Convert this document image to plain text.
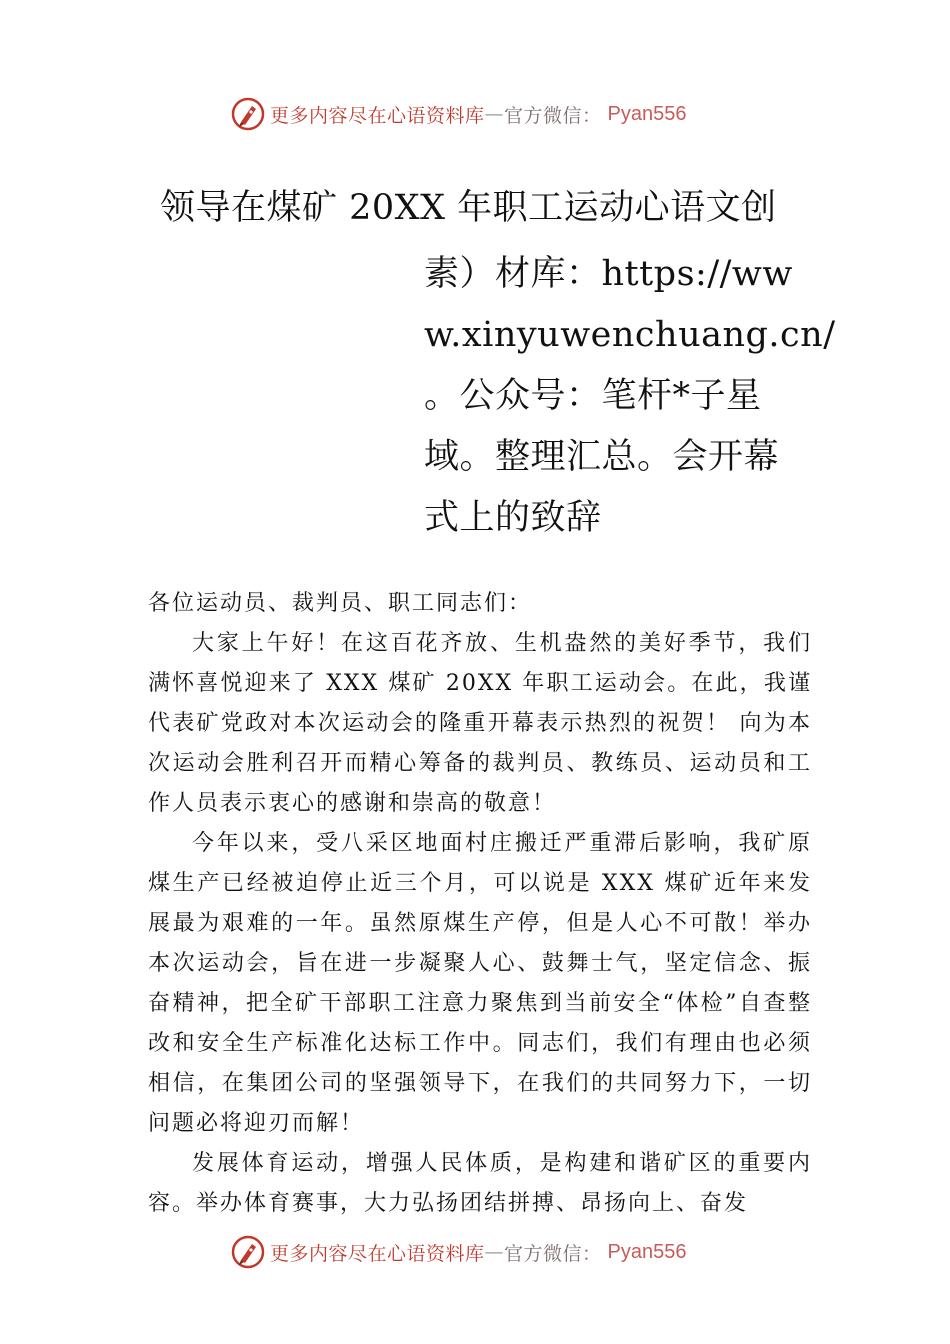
更多内容尽在心语资料库 — 官方微信： Pyan556
领导在煤矿 20XX 年职工运动心语文创
素）材库：https://ww
w.xinyuwenchuang.cn/
。公众号：笔杆*子星
域。整理汇总。会开幕
式上的致辞

各位运动员、裁判员、职工同志们：

大家上午好！在这百花齐放、生机盎然的美好季节，我们满怀喜悦迎来了 XXX 煤矿 20XX 年职工运动会。在此，我谨代表矿党政对本次运动会的隆重开幕表示热烈的祝贺！ 向为本次运动会胜利召开而精心筹备的裁判员、教练员、运动员和工作人员表示衷心的感谢和崇高的敬意！

今年以来，受八采区地面村庄搬迁严重滞后影响，我矿原煤生产已经被迫停止近三个月，可以说是 XXX 煤矿近年来发展最为艰难的一年。虽然原煤生产停，但是人心不可散！举办本次运动会，旨在进一步凝聚人心、鼓舞士气，坚定信念、振奋精神，把全矿干部职工注意力聚焦到当前安全“体检”自查整改和安全生产标准化达标工作中。同志们，我们有理由也必须相信，在集团公司的坚强领导下，在我们的共同努力下，一切问题必将迎刃而解！

发展体育运动，增强人民体质，是构建和谐矿区的重要内容。举办体育赛事，大力弘扬团结拼搏、昂扬向上、奋发

更多内容尽在心语资料库 — 官方微信： Pyan556
